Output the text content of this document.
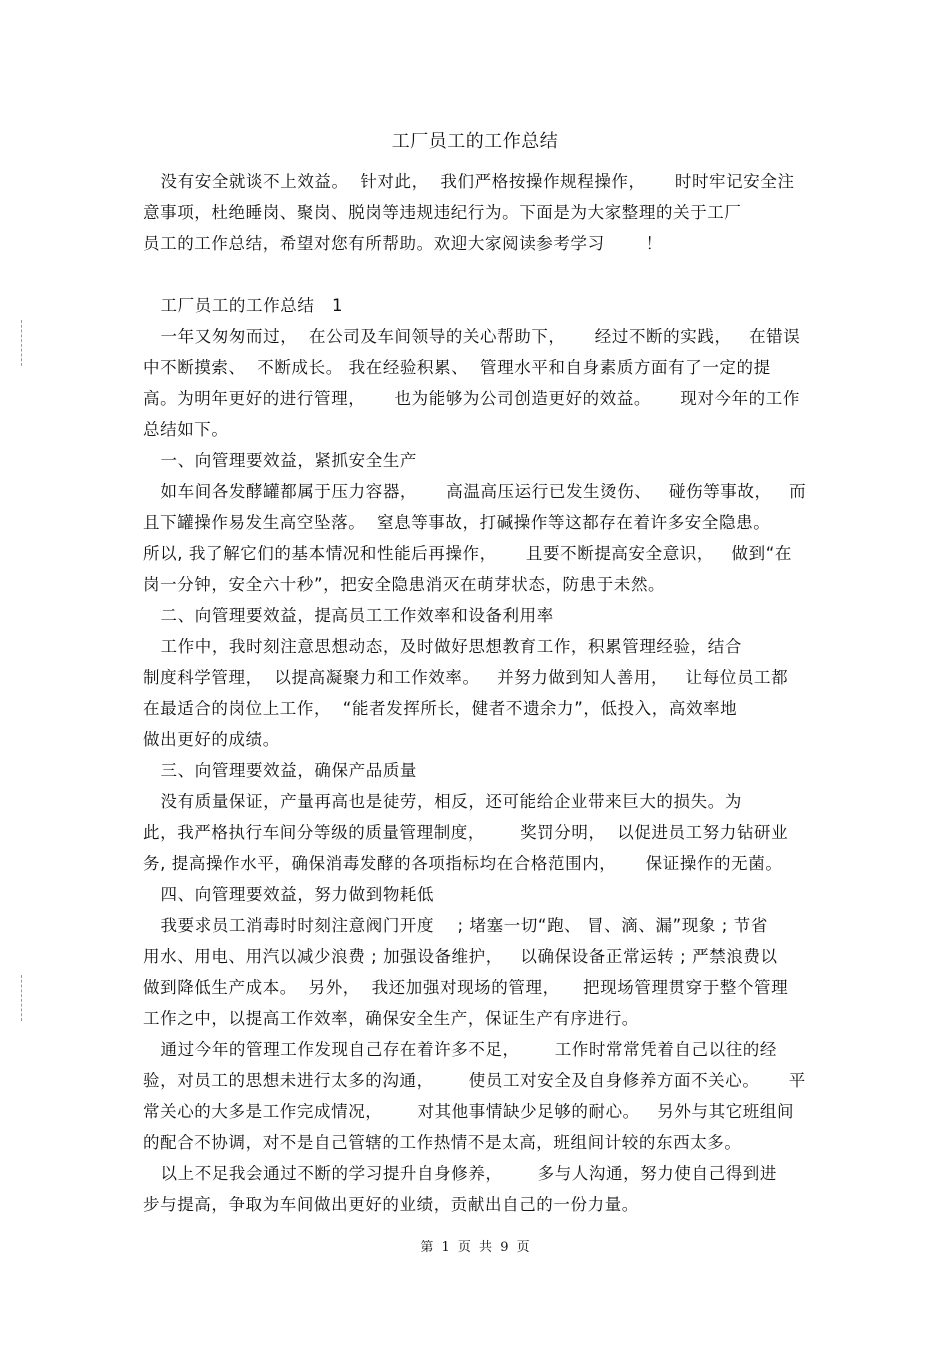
工厂员工的工作总结
没有安全就谈不上效益。  针对此，  我们严格按操作规程操作，     时时牢记安全注
意事项，杜绝睡岗、聚岗、脱岗等违规违纪行为。下面是为大家整理的关于工厂
员工的工作总结，希望对您有所帮助。欢迎大家阅读参考学习       ！
工厂员工的工作总结   1
一年又匆匆而过，  在公司及车间领导的关心帮助下，     经过不断的实践，   在错误
中不断摸索、  不断成长。 我在经验积累、  管理水平和自身素质方面有了一定的提
高。为明年更好的进行管理，     也为能够为公司创造更好的效益。     现对今年的工作
总结如下。
一、向管理要效益，紧抓安全生产
如车间各发酵罐都属于压力容器，     高温高压运行已发生烫伤、   碰伤等事故，   而
且下罐操作易发生高空坠落。  窒息等事故，打碱操作等这都存在着许多安全隐患。
所以, 我了解它们的基本情况和性能后再操作，     且要不断提高安全意识，   做到“在
岗一分钟，安全六十秒”，把安全隐患消灭在萌芽状态，防患于未然。
二、向管理要效益，提高员工工作效率和设备利用率
工作中，我时刻注意思想动态，及时做好思想教育工作，积累管理经验，结合
制度科学管理，  以提高凝聚力和工作效率。   并努力做到知人善用，   让每位员工都
在最适合的岗位上工作，  “能者发挥所长，健者不遗余力”，低投入，高效率地
做出更好的成绩。
三、向管理要效益，确保产品质量
没有质量保证，产量再高也是徒劳，相反，还可能给企业带来巨大的损失。为
此，我严格执行车间分等级的质量管理制度，      奖罚分明，  以促进员工努力钻研业
务, 提高操作水平，确保消毒发酵的各项指标均在合格范围内，     保证操作的无菌。
四、向管理要效益，努力做到物耗低
我要求员工消毒时时刻注意阀门开度    ; 堵塞一切“跑、 冒、滴、漏”现象 ; 节省
用水、用电、用汽以减少浪费 ; 加强设备维护，   以确保设备正常运转 ; 严禁浪费以
做到降低生产成本。  另外，  我还加强对现场的管理，    把现场管理贯穿于整个管理
工作之中，以提高工作效率，确保安全生产，保证生产有序进行。
通过今年的管理工作发现自己存在着许多不足，      工作时常常凭着自己以往的经
验，对员工的思想未进行太多的沟通，      使员工对安全及自身修养方面不关心。     平
常关心的大多是工作完成情况，      对其他事情缺少足够的耐心。   另外与其它班组间
的配合不协调，对不是自己管辖的工作热情不是太高，班组间计较的东西太多。
以上不足我会通过不断的学习提升自身修养，      多与人沟通，努力使自己得到进
步与提高，争取为车间做出更好的业绩，贡献出自己的一份力量。
第 1 页 共 9 页
